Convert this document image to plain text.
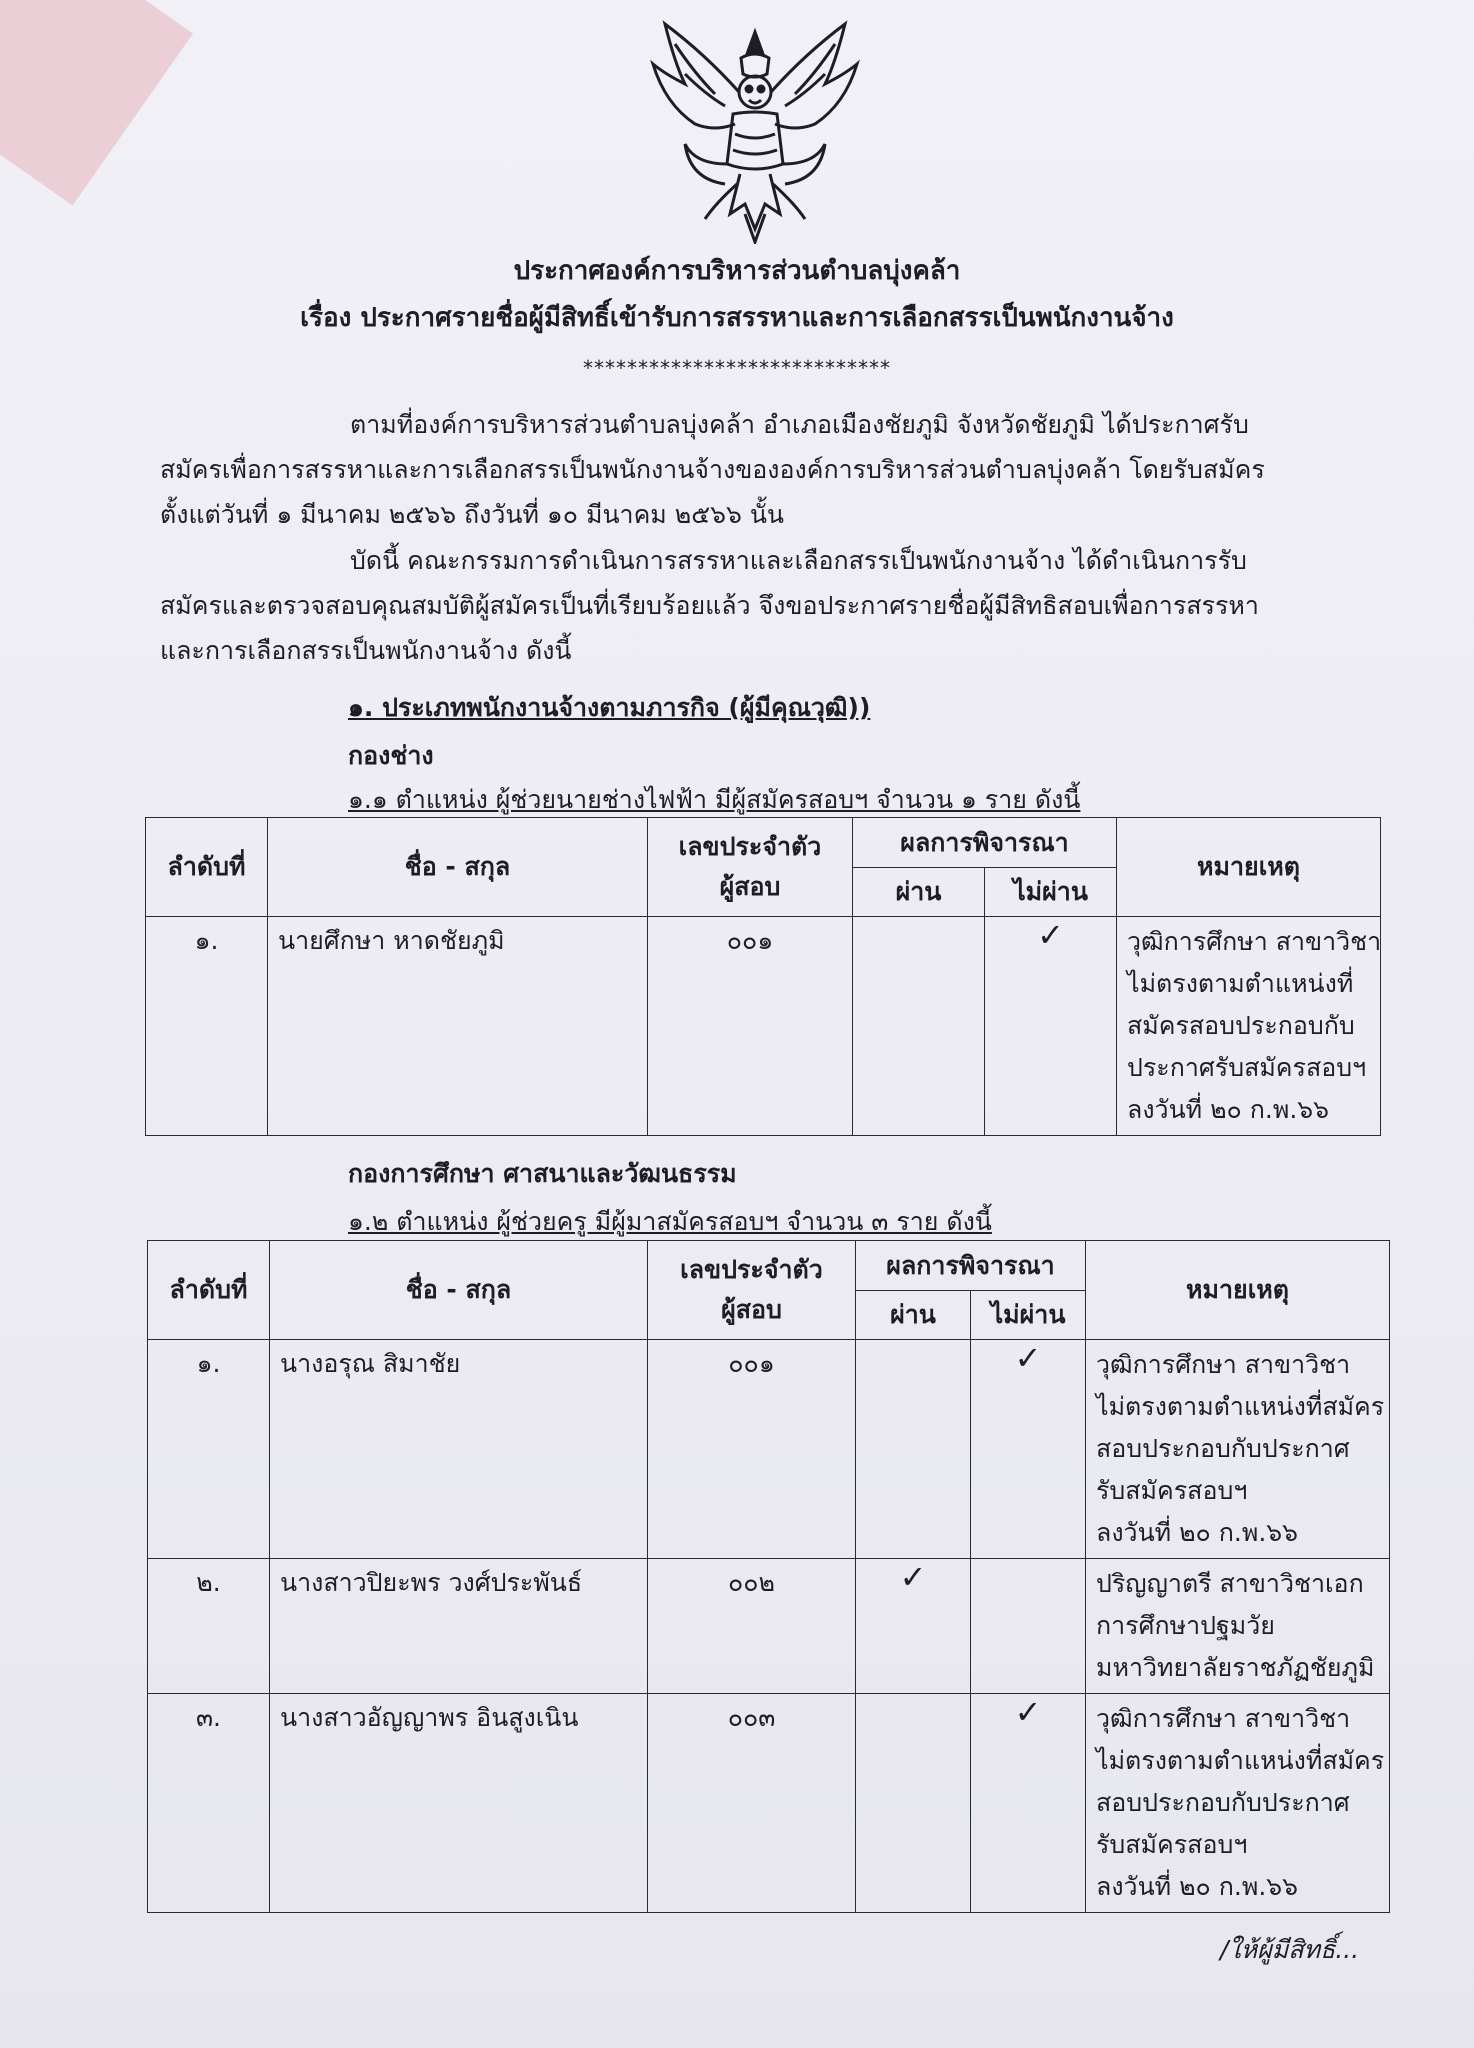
ประกาศองค์การบริหารส่วนตำบลบุ่งคล้า
เรื่อง ประกาศรายชื่อผู้มีสิทธิ์เข้ารับการสรรหาและการเลือกสรรเป็นพนักงานจ้าง
****************************
ตามที่องค์การบริหารส่วนตำบลบุ่งคล้า อำเภอเมืองชัยภูมิ จังหวัดชัยภูมิ ได้ประกาศรับ
สมัครเพื่อการสรรหาและการเลือกสรรเป็นพนักงานจ้างขององค์การบริหารส่วนตำบลบุ่งคล้า โดยรับสมัคร
ตั้งแต่วันที่ ๑ มีนาคม ๒๕๖๖ ถึงวันที่ ๑๐ มีนาคม ๒๕๖๖ นั้น
บัดนี้ คณะกรรมการดำเนินการสรรหาและเลือกสรรเป็นพนักงานจ้าง ได้ดำเนินการรับ
สมัครและตรวจสอบคุณสมบัติผู้สมัครเป็นที่เรียบร้อยแล้ว จึงขอประกาศรายชื่อผู้มีสิทธิสอบเพื่อการสรรหา
และการเลือกสรรเป็นพนักงานจ้าง ดังนี้
๑. ประเภทพนักงานจ้างตามภารกิจ (ผู้มีคุณวุฒิ))
กองช่าง
๑.๑ ตำแหน่ง ผู้ช่วยนายช่างไฟฟ้า มีผู้สมัครสอบฯ จำนวน ๑ ราย ดังนี้
ลำดับที่	ชื่อ - สกุล	เลขประจำตัว
ผู้สอบ	ผลการพิจารณา		หมายเหตุ
			ผ่าน	ไม่ผ่าน	
๑.	นายศึกษา หาดชัยภูมิ	๐๐๑		✓	วุฒิการศึกษา สาขาวิชา
ไม่ตรงตามตำแหน่งที่
สมัครสอบประกอบกับ
ประกาศรับสมัครสอบฯ
ลงวันที่ ๒๐ ก.พ.๖๖
กองการศึกษา ศาสนาและวัฒนธรรม
๑.๒ ตำแหน่ง ผู้ช่วยครู มีผู้มาสมัครสอบฯ จำนวน ๓ ราย ดังนี้
ลำดับที่	ชื่อ - สกุล	เลขประจำตัว
ผู้สอบ	ผลการพิจารณา		หมายเหตุ
			ผ่าน	ไม่ผ่าน	
๑.	นางอรุณ สิมาชัย	๐๐๑		✓	วุฒิการศึกษา สาขาวิชา
ไม่ตรงตามตำแหน่งที่สมัคร
สอบประกอบกับประกาศ
รับสมัครสอบฯ
ลงวันที่ ๒๐ ก.พ.๖๖

๒.	นางสาวปิยะพร วงศ์ประพันธ์	๐๐๒	✓		ปริญญาตรี สาขาวิชาเอก
การศึกษาปฐมวัย
มหาวิทยาลัยราชภัฏชัยภูมิ

๓.	นางสาวอัญญาพร อินสูงเนิน	๐๐๓		✓	วุฒิการศึกษา สาขาวิชา
ไม่ตรงตามตำแหน่งที่สมัคร
สอบประกอบกับประกาศ
รับสมัครสอบฯ
ลงวันที่ ๒๐ ก.พ.๖๖
/ให้ผู้มีสิทธิ์...
